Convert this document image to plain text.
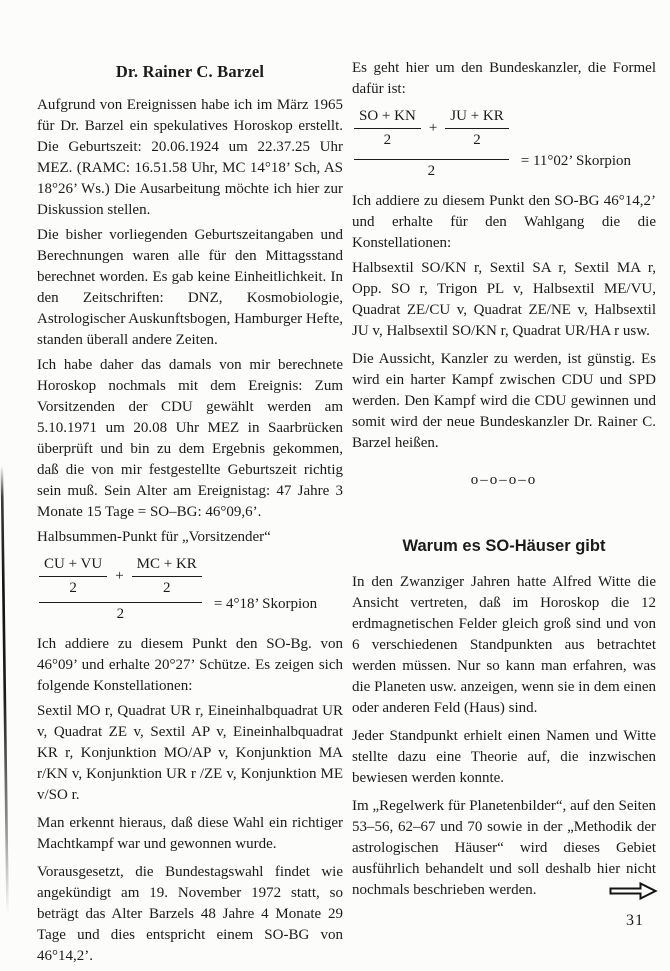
Dr. Rainer C. Barzel

Aufgrund von Ereignissen habe ich im März 1965 für Dr. Barzel ein spekulatives Horoskop erstellt. Die Geburtszeit: 20.06.1924 um 22.37.25 Uhr MEZ. (RAMC: 16.51.58 Uhr, MC 14°18’ Sch, AS 18°26’ Ws.) Die Ausarbeitung möchte ich hier zur Diskussion stellen.

Die bisher vorliegenden Geburtszeitangaben und Berechnungen waren alle für den Mittagsstand berechnet worden. Es gab keine Einheitlichkeit. In den Zeitschriften: DNZ, Kosmobiologie, Astrologischer Auskunftsbogen, Hamburger Hefte, standen überall andere Zeiten.

Ich habe daher das damals von mir berechnete Horoskop nochmals mit dem Ereignis: Zum Vorsitzenden der CDU gewählt werden am 5.10.1971 um 20.08 Uhr MEZ in Saarbrücken überprüft und bin zu dem Ergebnis gekommen, daß die von mir festgestellte Geburtszeit richtig sein muß. Sein Alter am Ereignistag: 47 Jahre 3 Monate 15 Tage = SO–BG: 46°09,6’.

Halbsummen-Punkt für „Vorsitzender“

$\frac{CU + VU}{2} + \frac{MC + KR}{2}$
2
= 4°18’ Skorpion

Ich addiere zu diesem Punkt den SO-Bg. von 46°09’ und erhalte 20°27’ Schütze. Es zeigen sich folgende Konstellationen:

Sextil MO r, Quadrat UR r, Eineinhalbquadrat UR v, Quadrat ZE v, Sextil AP v, Eineinhalbquadrat KR r, Konjunktion MO/AP v, Konjunktion MA r/KN v, Konjunktion UR r /ZE v, Konjunktion ME v/SO r.

Man erkennt hieraus, daß diese Wahl ein richtiger Machtkampf war und gewonnen wurde.

Vorausgesetzt, die Bundestagswahl findet wie angekündigt am 19. November 1972 statt, so beträgt das Alter Barzels 48 Jahre 4 Monate 29 Tage und dies entspricht einem SO-BG von 46°14,2’.

Es geht hier um den Bundeskanzler, die Formel dafür ist:

$\frac{SO + KN}{2} + \frac{JU + KR}{2}$
2
= 11°02’ Skorpion

Ich addiere zu diesem Punkt den SO-BG 46°14,2’ und erhalte für den Wahlgang die die Konstellationen:

Halbsextil SO/KN r, Sextil SA r, Sextil MA r, Opp. SO r, Trigon PL v, Halbsextil ME/VU, Quadrat ZE/CU v, Quadrat ZE/NE v, Halbsextil JU v, Halbsextil SO/KN r, Quadrat UR/HA r usw.

Die Aussicht, Kanzler zu werden, ist günstig. Es wird ein harter Kampf zwischen CDU und SPD werden. Den Kampf wird die CDU gewinnen und somit wird der neue Bundeskanzler Dr. Rainer C. Barzel heißen.

o–o–o–o
Warum es SO-Häuser gibt

In den Zwanziger Jahren hatte Alfred Witte die Ansicht vertreten, daß im Horoskop die 12 erdmagnetischen Felder gleich groß sind und von 6 verschiedenen Standpunkten aus betrachtet werden müssen. Nur so kann man erfahren, was die Planeten usw. anzeigen, wenn sie in dem einen oder anderen Feld (Haus) sind.

Jeder Standpunkt erhielt einen Namen und Witte stellte dazu eine Theorie auf, die inzwischen bewiesen werden konnte.

Im „Regelwerk für Planetenbilder“, auf den Seiten 53–56, 62–67 und 70 sowie in der „Methodik der astrologischen Häuser“ wird dieses Gebiet ausführlich behandelt und soll deshalb hier nicht nochmals beschrieben werden.

31
